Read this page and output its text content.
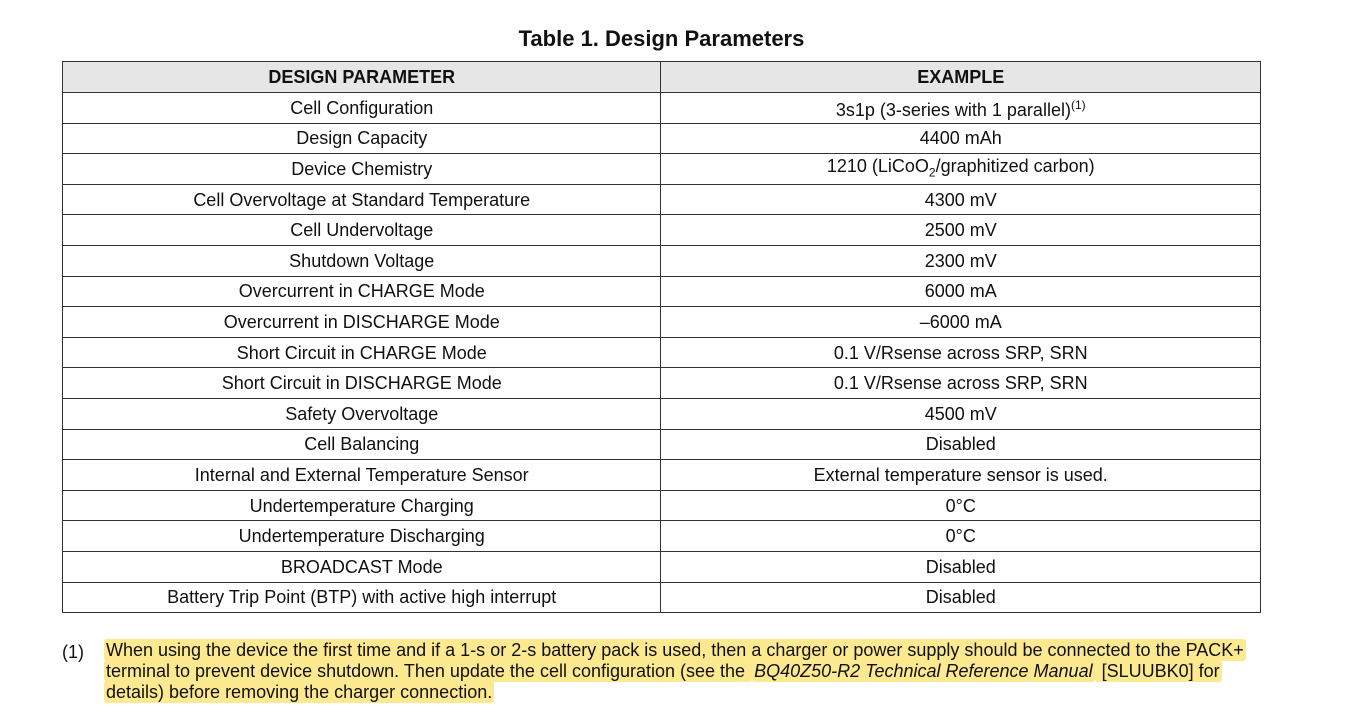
Table 1. Design Parameters
DESIGN PARAMETER	EXAMPLE
Cell Configuration	3s1p (3-series with 1 parallel)$^{(1)}$
Design Capacity	4400 mAh
Device Chemistry	1210 (LiCoO$_2$/graphitized carbon)
Cell Overvoltage at Standard Temperature	4300 mV
Cell Undervoltage	2500 mV
Shutdown Voltage	2300 mV
Overcurrent in CHARGE Mode	6000 mA
Overcurrent in DISCHARGE Mode	–6000 mA
Short Circuit in CHARGE Mode	0.1 V/Rsense across SRP, SRN
Short Circuit in DISCHARGE Mode	0.1 V/Rsense across SRP, SRN
Safety Overvoltage	4500 mV
Cell Balancing	Disabled
Internal and External Temperature Sensor	External temperature sensor is used.
Undertemperature Charging	0°C
Undertemperature Discharging	0°C
BROADCAST Mode	Disabled
Battery Trip Point (BTP) with active high interrupt	Disabled
(1) When using the device the first time and if a 1-s or 2-s battery pack is used, then a charger or power supply should be connected to the PACK+ terminal to prevent device shutdown. Then update the cell configuration (see the BQ40Z50-R2 Technical Reference Manual [SLUUBK0] for details) before removing the charger connection.
